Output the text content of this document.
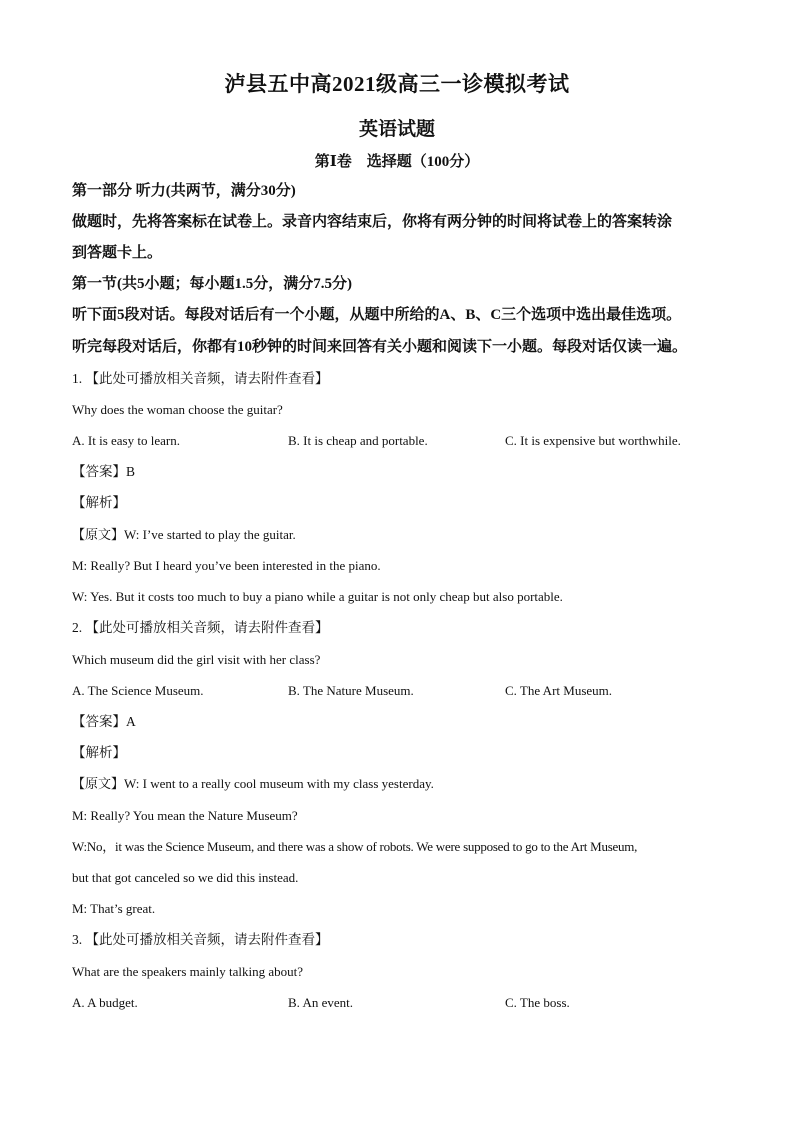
泸县五中高2021级高三一诊模拟考试
英语试题
第Ⅰ卷　选择题（100分）
第一部分 听力(共两节，满分30分)
做题时，先将答案标在试卷上。录音内容结束后，你将有两分钟的时间将试卷上的答案转涂
到答题卡上。
第一节(共5小题；每小题1.5分，满分7.5分)
听下面5段对话。每段对话后有一个小题，从题中所给的A、B、C三个选项中选出最佳选项。
听完每段对话后，你都有10秒钟的时间来回答有关小题和阅读下一小题。每段对话仅读一遍。
1. 【此处可播放相关音频，请去附件查看】
Why does the woman choose the guitar?
A. It is easy to learn.	B. It is cheap and portable.	C. It is expensive but worthwhile.
【答案】B
【解析】
【原文】W: I’ve started to play the guitar.
M: Really? But I heard you’ve been interested in the piano.
W: Yes. But it costs too much to buy a piano while a guitar is not only cheap but also portable.
2. 【此处可播放相关音频，请去附件查看】
Which museum did the girl visit with her class?
A. The Science Museum.	B. The Nature Museum.	C. The Art Museum.
【答案】A
【解析】
【原文】W: I went to a really cool museum with my class yesterday.
M: Really? You mean the Nature Museum?
W:No，it was the Science Museum, and there was a show of robots. We were supposed to go to the Art Museum,
but that got canceled so we did this instead.
M: That’s great.
3. 【此处可播放相关音频，请去附件查看】
What are the speakers mainly talking about?
A. A budget.	B. An event.	C. The boss.
